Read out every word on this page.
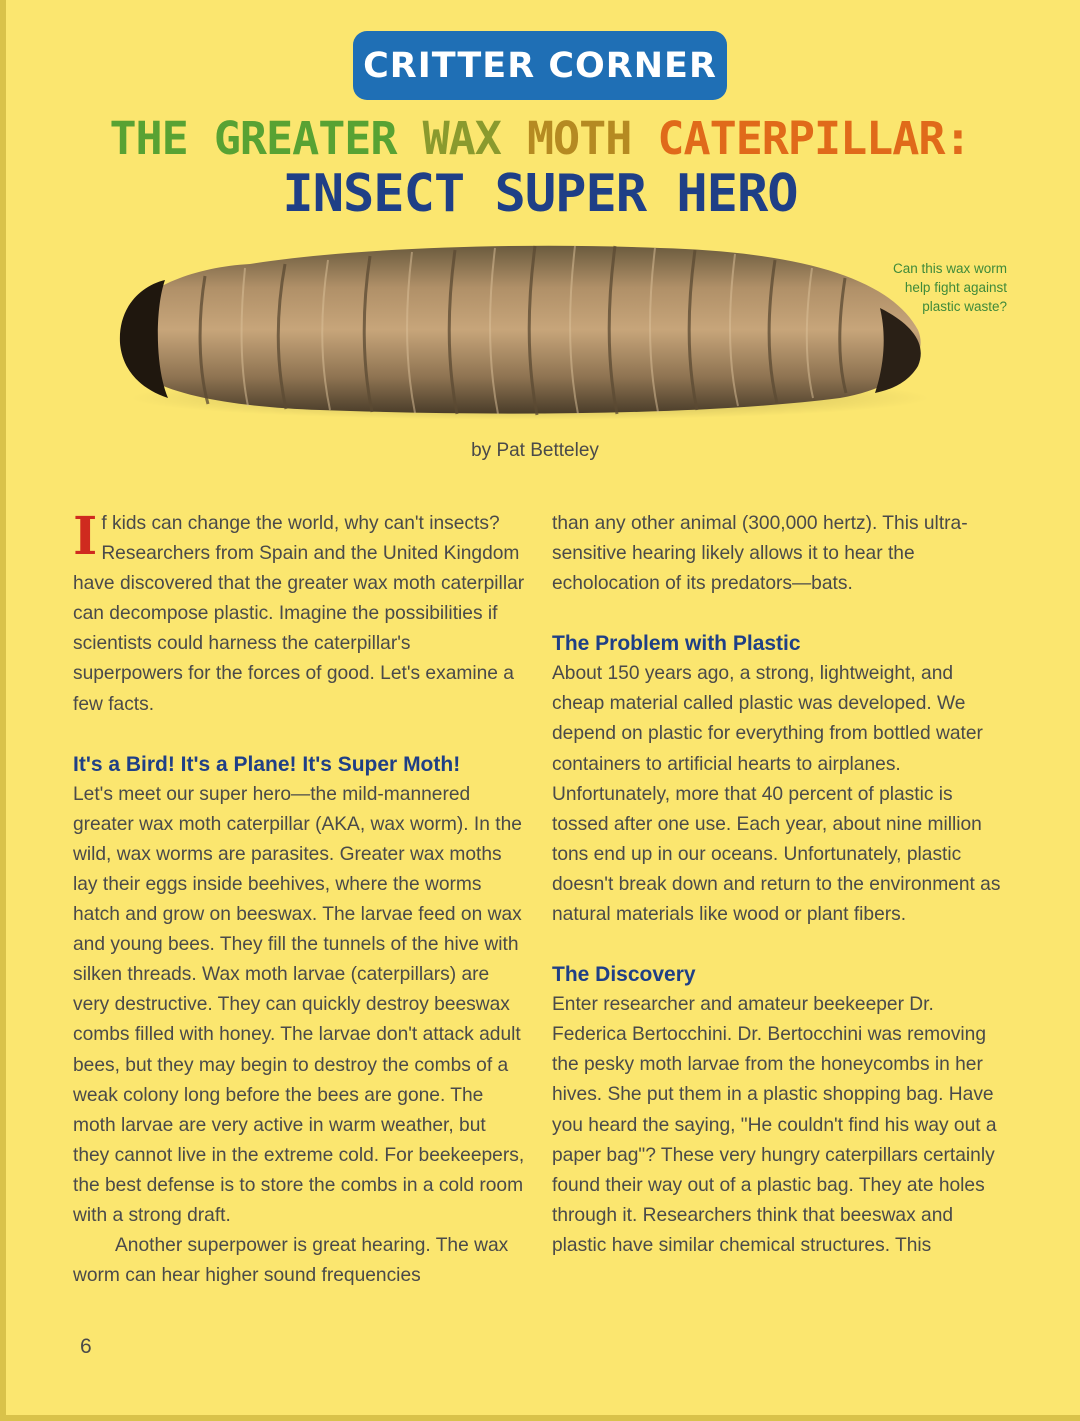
CRITTER CORNER
THE GREATER WAX MOTH CATERPILLAR:
INSECT SUPER HERO
Can this wax worm
help fight against
plastic waste?
by Pat Betteley

If kids can change the world, why can't insects? Researchers from Spain and the United Kingdom have discovered that the greater wax moth caterpillar can decompose plastic. Imagine the possibilities if scientists could harness the caterpillar's superpowers for the forces of good. Let's examine a few facts.

It's a Bird! It's a Plane! It's Super Moth!

Let's meet our super hero—the mild-mannered greater wax moth caterpillar (AKA, wax worm). In the wild, wax worms are parasites. Greater wax moths lay their eggs inside beehives, where the worms hatch and grow on beeswax. The larvae feed on wax and young bees. They fill the tunnels of the hive with silken threads. Wax moth larvae (caterpillars) are very destructive. They can quickly destroy beeswax combs filled with honey. The larvae don't attack adult bees, but they may begin to destroy the combs of a weak colony long before the bees are gone. The moth larvae are very active in warm weather, but they cannot live in the extreme cold. For beekeepers, the best defense is to store the combs in a cold room with a strong draft.

Another superpower is great hearing. The wax worm can hear higher sound frequencies

than any other animal (300,000 hertz). This ultra-sensitive hearing likely allows it to hear the echolocation of its predators—bats.

The Problem with Plastic

About 150 years ago, a strong, lightweight, and cheap material called plastic was developed. We depend on plastic for everything from bottled water containers to artificial hearts to airplanes. Unfortunately, more that 40 percent of plastic is tossed after one use. Each year, about nine million tons end up in our oceans. Unfortunately, plastic doesn't break down and return to the environment as natural materials like wood or plant fibers.

The Discovery

Enter researcher and amateur beekeeper Dr. Federica Bertocchini. Dr. Bertocchini was removing the pesky moth larvae from the honeycombs in her hives. She put them in a plastic shopping bag. Have you heard the saying, "He couldn't find his way out a paper bag"? These very hungry caterpillars certainly found their way out of a plastic bag. They ate holes through it. Researchers think that beeswax and plastic have similar chemical structures. This

6
